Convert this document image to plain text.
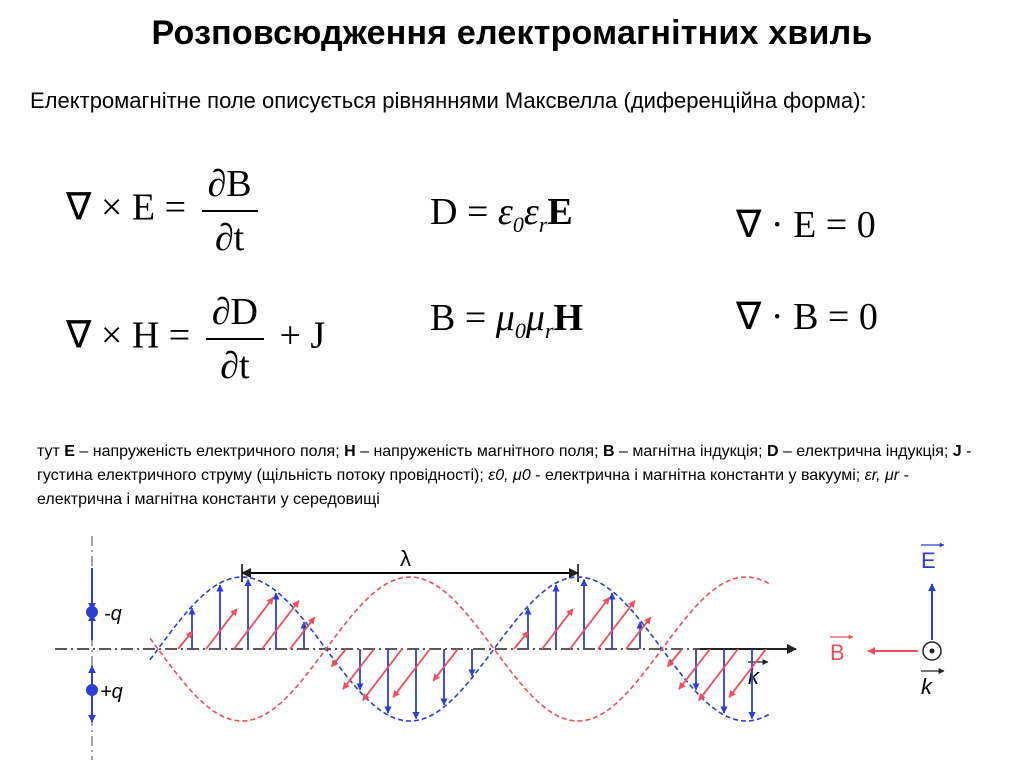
Розповсюдження електромагнітних хвиль
Електромагнітне поле описується рівняннями Максвелла (диференційна форма):
∇ × $E = \frac{\partial B}{\partial t}$
∇ × $H = \frac{\partial D}{\partial t} + J$
$D = \varepsilon_0\varepsilon_rE$
$B = \mu_0\mu_rH$
∇ · E = 0
∇ · B = 0
тут E – напруженість електричного поля; H – напруженість магнітного поля; B – магнітна індукція; D – електрична індукція; J - густина електричного струму (щільність потоку провідності); ε0, μ0 - електрична і магнітна константи у вакуумі; εr, μr - електрична і магнітна константи у середовищі
-q
+q
k
λ	E
B
k
